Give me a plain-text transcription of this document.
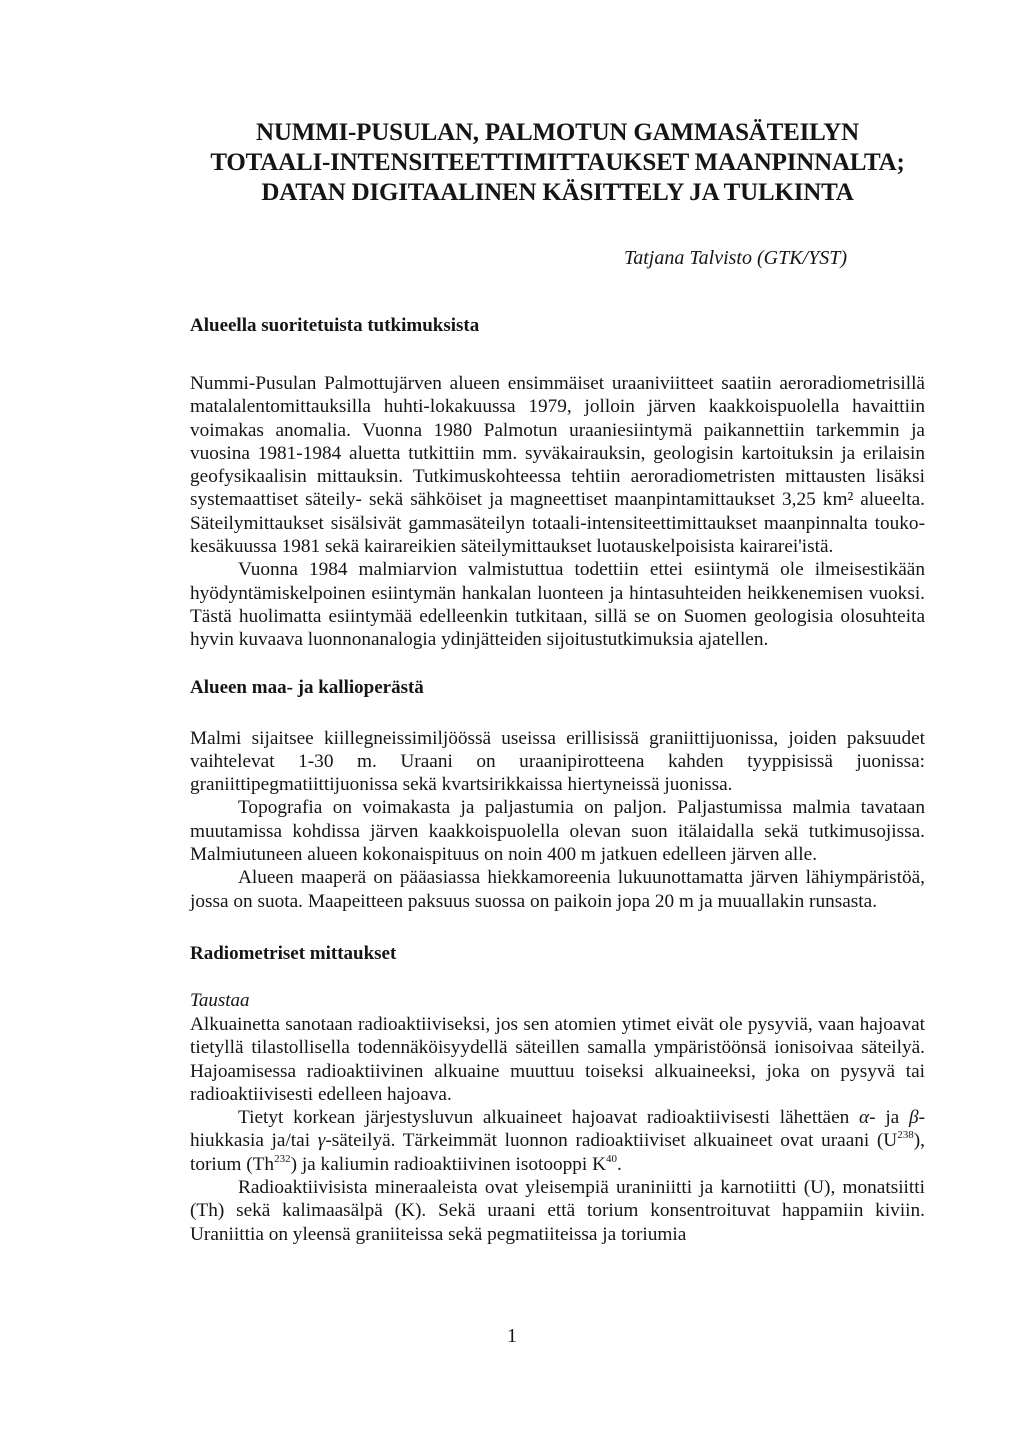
NUMMI-PUSULAN, PALMOTUN GAMMASÄTEILYN

TOTAALI-INTENSITEETTIMITTAUKSET MAANPINNALTA;

DATAN DIGITAALINEN KÄSITTELY JA TULKINTA

Tatjana Talvisto (GTK/YST)
Alueella suoritetuista tutkimuksista

Nummi-Pusulan Palmottujärven alueen ensimmäiset uraaniviitteet saatiin aeroradiometrisillä matalalentomittauksilla huhti-lokakuussa 1979, jolloin järven kaakkoispuolella havaittiin voimakas anomalia. Vuonna 1980 Palmotun uraaniesiintymä paikannettiin tarkemmin ja vuosina 1981-1984 aluetta tutkittiin mm. syväkairauksin, geologisin kartoituksin ja erilaisin geofysikaalisin mittauksin. Tutkimuskohteessa tehtiin aeroradiometristen mittausten lisäksi systemaattiset säteily- sekä sähköiset ja magneettiset maanpintamittaukset 3,25 km² alueelta. Säteilymittaukset sisälsivät gammasäteilyn totaali-intensiteettimittaukset maanpinnalta touko-kesäkuussa 1981 sekä kairareikien säteilymittaukset luotauskelpoisista kairarei'istä.

Vuonna 1984 malmiarvion valmistuttua todettiin ettei esiintymä ole ilmeisestikään hyödyntämiskelpoinen esiintymän hankalan luonteen ja hintasuhteiden heikkenemisen vuoksi. Tästä huolimatta esiintymää edelleenkin tutkitaan, sillä se on Suomen geologisia olosuhteita hyvin kuvaava luonnonanalogia ydinjätteiden sijoitustutkimuksia ajatellen.

Alueen maa- ja kallioperästä

Malmi sijaitsee kiillegneissimiljöössä useissa erillisissä graniittijuonissa, joiden paksuudet vaihtelevat 1-30 m. Uraani on uraanipirotteena kahden tyyppisissä juonissa: graniittipegmatiittijuonissa sekä kvartsirikkaissa hiertyneissä juonissa.

Topografia on voimakasta ja paljastumia on paljon. Paljastumissa malmia tavataan muutamissa kohdissa järven kaakkoispuolella olevan suon itälaidalla sekä tutkimusojissa. Malmiutuneen alueen kokonaispituus on noin 400 m jatkuen edelleen järven alle.

Alueen maaperä on pääasiassa hiekkamoreenia lukuunottamatta järven lähiympäristöä, jossa on suota. Maapeitteen paksuus suossa on paikoin jopa 20 m ja muuallakin runsasta.

Radiometriset mittaukset
Taustaa

Alkuainetta sanotaan radioaktiiviseksi, jos sen atomien ytimet eivät ole pysyviä, vaan hajoavat tietyllä tilastollisella todennäköisyydellä säteillen samalla ympäristöönsä ionisoivaa säteilyä. Hajoamisessa radioaktiivinen alkuaine muuttuu toiseksi alkuaineeksi, joka on pysyvä tai radioaktiivisesti edelleen hajoava.

Tietyt korkean järjestysluvun alkuaineet hajoavat radioaktiivisesti lähettäen α- ja β-hiukkasia ja/tai γ-säteilyä. Tärkeimmät luonnon radioaktiiviset alkuaineet ovat uraani $(U^{238})$, torium (Th$^{232}$) ja kaliumin radioaktiivinen isotooppi $K^{40}$.

Radioaktiivisista mineraaleista ovat yleisempiä uraniniitti ja karnotiitti (U), monatsiitti (Th) sekä kalimaasälpä (K). Sekä uraani että torium konsentroituvat happamiin kiviin. Uraniittia on yleensä graniiteissa sekä pegmatiiteissa ja toriumia

1
